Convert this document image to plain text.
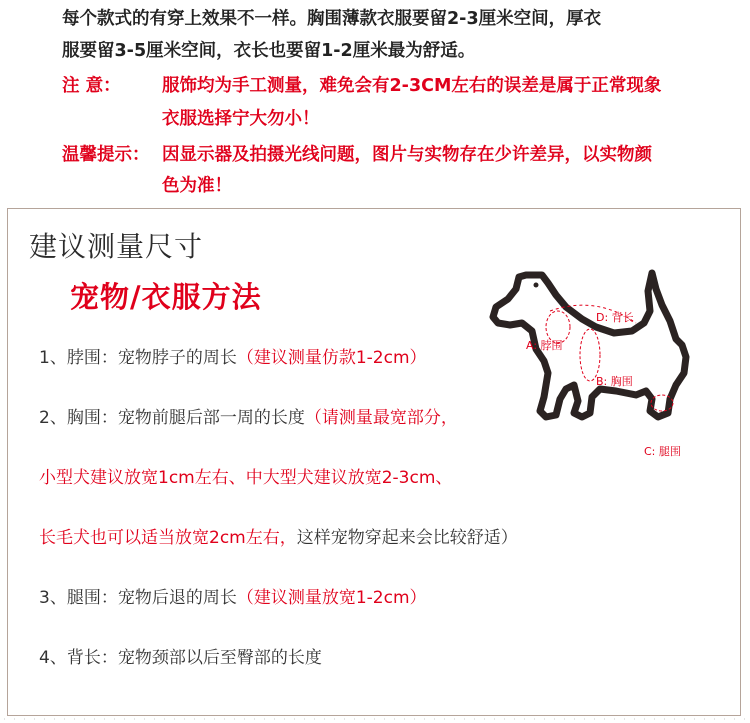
每个款式的有穿上效果不一样。胸围薄款衣服要留2-3厘米空间，厚衣
服要留3-5厘米空间，衣长也要留1-2厘米最为舒适。
注 意： 服饰均为手工测量，难免会有2-3CM左右的误差是属于正常现象
衣服选择宁大勿小！
温馨提示： 因显示器及拍摄光线问题，图片与实物存在少许差异，以实物颜
色为准！
建议测量尺寸
宠物/衣服方法
1、脖围：宠物脖子的周长（建议测量仿款1-2cm）
2、胸围：宠物前腿后部一周的长度（请测量最宽部分，
小型犬建议放宽1cm左右、中大型犬建议放宽2-3cm、
长毛犬也可以适当放宽2cm左右，这样宠物穿起来会比较舒适）
3、腿围：宠物后退的周长（建议测量放宽1-2cm）
4、背长：宠物颈部以后至臀部的长度
D: 背长
A: 脖围
B: 胸围
C: 腿围
